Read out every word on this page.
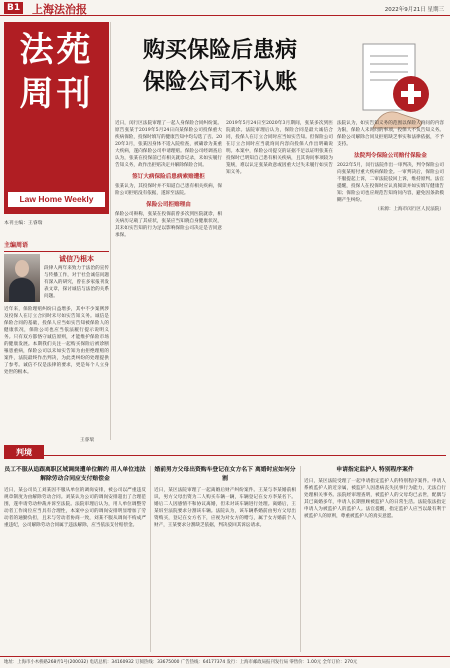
B1 上海法治报	2022年9月21日 星期三
法苑
周刊
Law Home Weekly
本刊主编：王睿瑞
主编周语
诚信乃根本
段律人两年来致力于法治的宣传与传播工作，对于社会诚信问题有深入的研究，曾在多家报刊发表文章，探讨诚信与法治的关系问题。
近年来，保险理赔纠纷日益增多，其中不少案例涉及投保人在订立合同时未尽如实告知义务。诚信是保险合同的基础，投保人应当如实告知被保险人的健康状况，保险公司也应当依法履行提示说明义务。只有双方都恪守诚信原则，才能维护保险市场的健康发展。本期我们关注一起购买保险后被诊断罹患重病，保险公司以未如实告知为由拒绝理赔的案件，法院最终作出判决，为此类纠纷的处理提供了参考。诚信不仅是法律的要求，更是每个人立身处世的根本。
王睿瑞
购买保险后患病
保险公司不认账
近日，闵行区法院审理了一起人身保险合同纠纷案。原告张某于2019年5月24日向某保险公司投保重大疾病保险，投保时填写的健康告知中均勾选了否。2020年3月，张某因身体不适入院检查，被确诊为某重大疾病，遂向保险公司申请理赔。保险公司经调查后认为，张某在投保前已有相关就诊记录，未如实履行告知义务，故作出拒赔决定并解除保险合同。
签订大病保险后患病索赔遭拒
张某认为，其投保时并不知道自己患有相关疾病，保险公司拒赔没有依据，遂诉至法院。
保险公司拒赔理由
保险公司辩称，张某在投保前曾多次到医院就诊，相关病历记载了其症状，张某应当知晓自身健康状况，其未如实告知的行为足以影响保险公司决定是否同意承保。
2019年5月24日至2020年3月期间，张某多次到医院就诊。法院审理后认为，保险合同是最大诚信合同，投保人在订立合同时应当如实告知。但保险公司在订立合同时应当就询问内容向投保人作出明确说明。本案中，保险公司提交的证据不足以证明张某在投保时已明知自己患有相关疾病，且其询问事项较为笼统，难以认定张某故意或因重大过失未履行如实告知义务。
法院认为，如实告知义务的范围以保险人询问的内容为限，保险人未询问的事项，投保人不负告知义务。保险公司解除合同及拒赔缺乏事实和法律依据，不予支持。
法院判令保险公司赔付保险金
2022年5月，闵行法院作出一审判决，判令保险公司向张某赔付重大疾病保险金。一审判决后，保险公司不服提起上诉，二审法院驳回上诉，维持原判。法官提醒，投保人在投保时应认真阅读并如实填写健康告知；保险公司也应规范告知询问内容，避免因条款模糊产生纠纷。
（来源：上海市闵行区人民法院）
判境
员工不服从追跟离职区域调岗遭单位解约 用人单位违法解除劳动合同应支付赔偿金
近日，某公司员工刘某因不服从单位的调岗安排，被公司以严重违反规章制度为由解除劳动合同。刘某认为公司的调岗安排超出了合理范围，遂申请劳动仲裁并诉至法院。法院审理后认为，用人单位调整劳动者工作岗位应当具有合理性，本案中公司的调岗安排明显增加了劳动者的通勤负担，且未与劳动者协商一致，刘某不服从调岗不构成严重违纪，公司解除劳动合同属于违法解除，应当依法支付赔偿金。
婚前男方父母出资购车登记在女方名下 离婚时应如何分割
近日，某区法院审理了一起离婚后财产纠纷案件。王某与李某婚前相识，男方父母出资为二人购买车辆一辆，车辆登记在女方李某名下。婚后二人因感情不和协议离婚，但未对该车辆进行处理。离婚后，王某诉至法院要求分割该车辆。法院认为，该车辆系婚前由男方父母出资购买，登记在女方名下，应视为对女方的赠与，属于女方婚前个人财产，王某要求分割缺乏依据，判决驳回其诉讼请求。
申请指定监护人 特别程序案件
近日，某区法院受理了一起申请指定监护人的特别程序案件。申请人系被监护人的近亲属，被监护人因患病丧失民事行为能力，无法自行处理相关事务。法院经审理查明，被监护人的父母均已去世，配偶与其已离婚多年，申请人长期照顾被监护人的日常生活。法院依法指定申请人为被监护人的监护人。法官提醒，指定监护人应当以最有利于被监护人的原则，尊重被监护人的真实意愿。
地址：上海市小木桥路268弄1号(200032) 电话总机：34160932 订阅热线：33675000 广告热线：64177374 发行：上海市邮政局报刊发行局 零售价：1.00元 全年订价：270元
